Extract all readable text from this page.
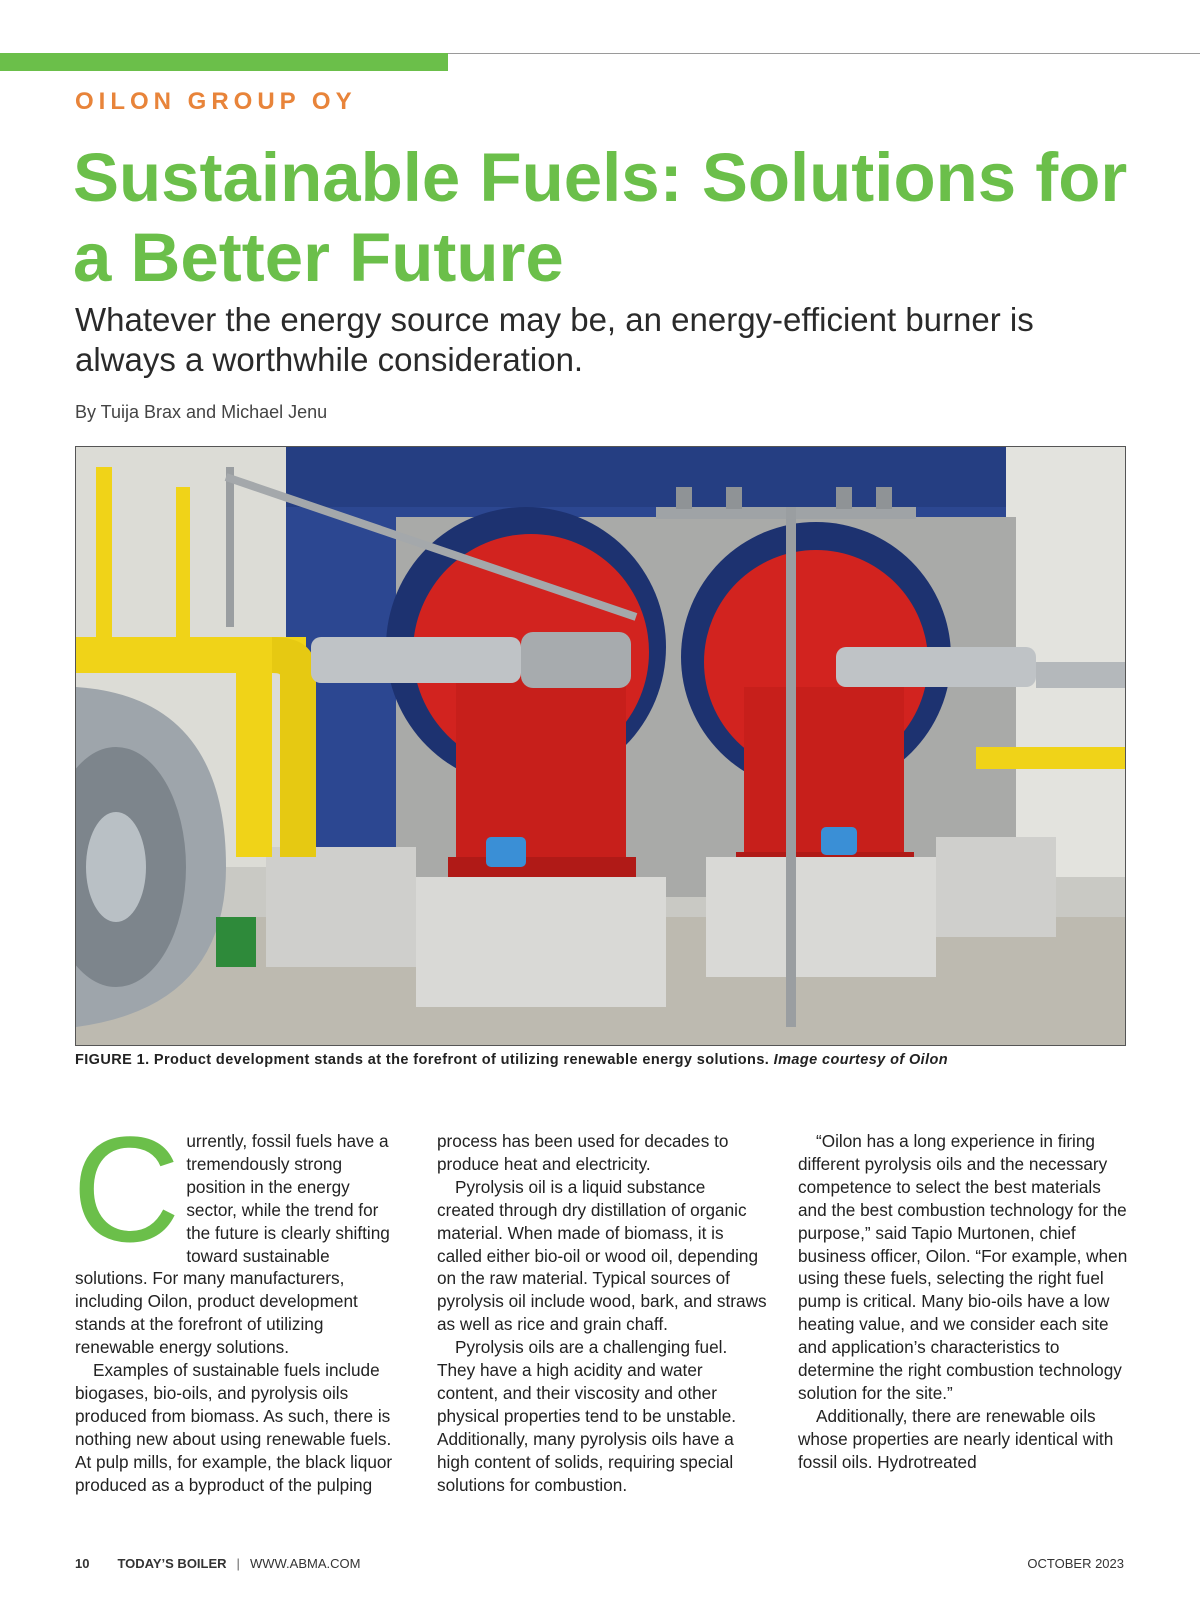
OILON GROUP OY

Sustainable Fuels: Solutions for a Better Future

Whatever the energy source may be, an energy-efficient burner is always a worthwhile consideration.

By Tuija Brax and Michael Jenu

FIGURE 1. Product development stands at the forefront of utilizing renewable energy solutions. Image courtesy of Oilon

C urrently, fossil fuels have a tremendously strong position in the energy sector, while the trend for the future is clearly shifting toward sustainable solutions. For many manufacturers, including Oilon, product development stands at the forefront of utilizing renewable energy solutions.

Examples of sustainable fuels include biogases, bio-oils, and pyrolysis oils produced from biomass. As such, there is nothing new about using renewable fuels. At pulp mills, for example, the black liquor produced as a byproduct of the pulping

process has been used for decades to produce heat and electricity.

Pyrolysis oil is a liquid substance created through dry distillation of organic material. When made of biomass, it is called either bio-oil or wood oil, depending on the raw material. Typical sources of pyrolysis oil include wood, bark, and straws as well as rice and grain chaff.

Pyrolysis oils are a challenging fuel. They have a high acidity and water content, and their viscosity and other physical properties tend to be unstable. Additionally, many pyrolysis oils have a high content of solids, requiring special solutions for combustion.

“Oilon has a long experience in firing different pyrolysis oils and the necessary competence to select the best materials and the best combustion technology for the purpose,” said Tapio Murtonen, chief business officer, Oilon. “For example, when using these fuels, selecting the right fuel pump is critical. Many bio-oils have a low heating value, and we consider each site and application’s characteristics to determine the right combustion technology solution for the site.”

Additionally, there are renewable oils whose properties are nearly identical with fossil oils. Hydrotreated

10 TODAY’S BOILER | WWW.ABMA.COM	OCTOBER 2023
